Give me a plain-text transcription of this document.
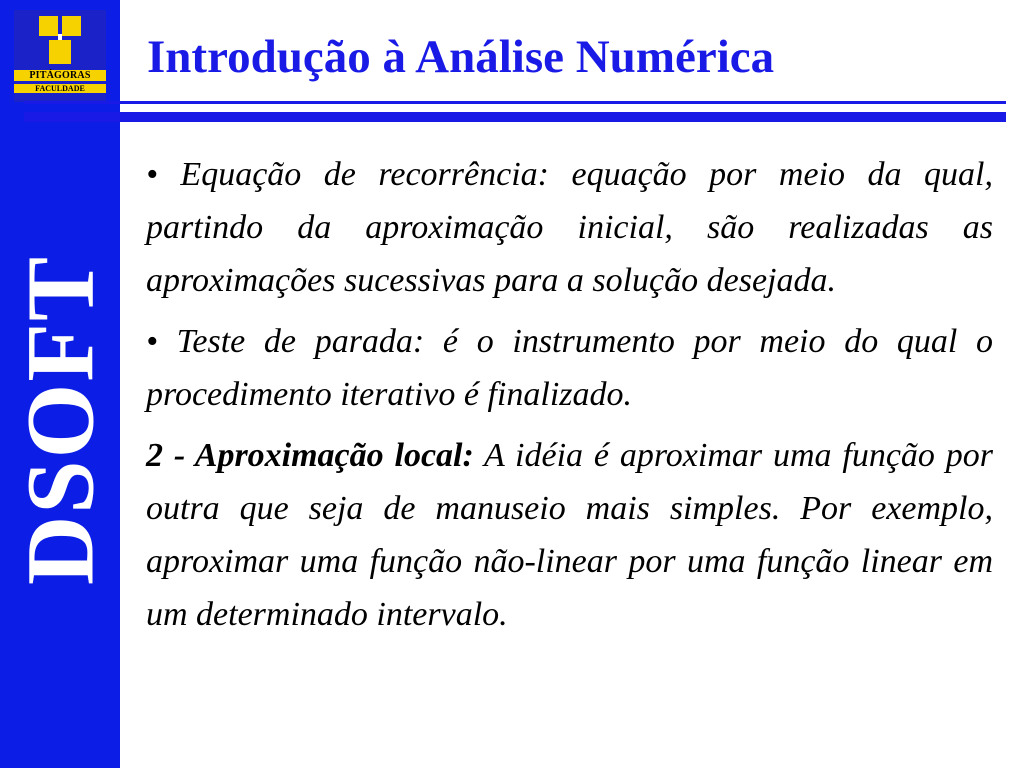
PITÁGORAS
FACULDADE
DSOFT
Introdução à Análise Numérica

• Equação de recorrência: equação por meio da qual, partindo da aproximação inicial, são realizadas as aproximações sucessivas para a solução desejada.

• Teste de parada: é o instrumento por meio do qual o procedimento iterativo é finalizado.

2 - Aproximação local: A idéia é aproximar uma função por outra que seja de manuseio mais simples. Por exemplo, aproximar uma função não-linear por uma função linear em um determinado intervalo.
